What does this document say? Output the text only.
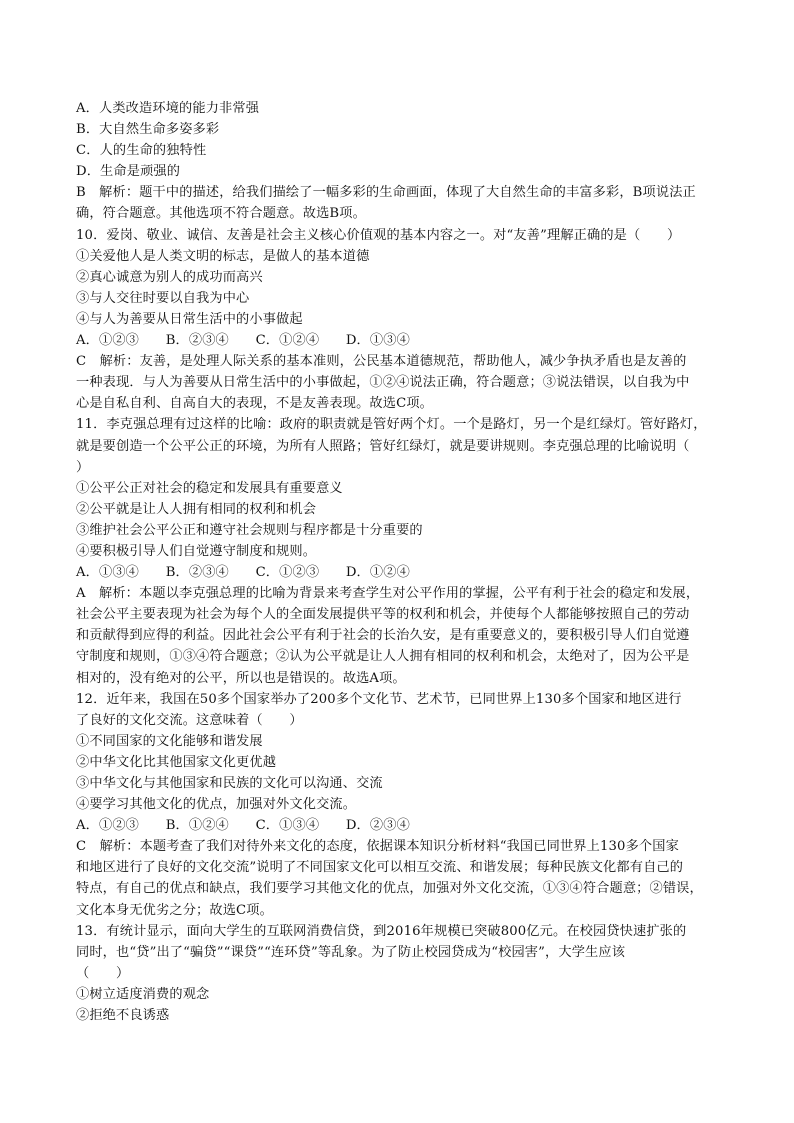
A．人类改造环境的能力非常强
B．大自然生命多姿多彩
C．人的生命的独特性
D．生命是顽强的
B　解析：题干中的描述，给我们描绘了一幅多彩的生命画面，体现了大自然生命的丰富多彩，B项说法正
确，符合题意。其他选项不符合题意。故选B项。
10．爱岗、敬业、诚信、友善是社会主义核心价值观的基本内容之一。对“友善”理解正确的是（　　）
①关爱他人是人类文明的标志，是做人的基本道德
②真心诚意为别人的成功而高兴
③与人交往时要以自我为中心
④与人为善要从日常生活中的小事做起
A．①②③　　B．②③④　　C．①②④　　D．①③④
C　解析：友善，是处理人际关系的基本准则，公民基本道德规范，帮助他人，减少争执矛盾也是友善的
一种表现．与人为善要从日常生活中的小事做起，①②④说法正确，符合题意；③说法错误，以自我为中
心是自私自利、自高自大的表现，不是友善表现。故选C项。
11．李克强总理有过这样的比喻：政府的职责就是管好两个灯。一个是路灯，另一个是红绿灯。管好路灯，
就是要创造一个公平公正的环境，为所有人照路；管好红绿灯，就是要讲规则。李克强总理的比喻说明（
）
①公平公正对社会的稳定和发展具有重要意义
②公平就是让人人拥有相同的权利和机会
③维护社会公平公正和遵守社会规则与程序都是十分重要的
④要积极引导人们自觉遵守制度和规则。
A．①③④　　B．②③④　　C．①②③　　D．①②④
A　解析：本题以李克强总理的比喻为背景来考查学生对公平作用的掌握，公平有利于社会的稳定和发展，
社会公平主要表现为社会为每个人的全面发展提供平等的权利和机会，并使每个人都能够按照自己的劳动
和贡献得到应得的利益。因此社会公平有利于社会的长治久安，是有重要意义的，要积极引导人们自觉遵
守制度和规则，①③④符合题意；②认为公平就是让人人拥有相同的权利和机会，太绝对了，因为公平是
相对的，没有绝对的公平，所以也是错误的。故选A项。
12．近年来，我国在50多个国家举办了200多个文化节、艺术节，已同世界上130多个国家和地区进行
了良好的文化交流。这意味着（　　）
①不同国家的文化能够和谐发展
②中华文化比其他国家文化更优越
③中华文化与其他国家和民族的文化可以沟通、交流
④要学习其他文化的优点，加强对外文化交流。
A．①②③　　B．①②④　　C．①③④　　D．②③④
C　解析：本题考查了我们对待外来文化的态度，依据课本知识分析材料“我国已同世界上130多个国家
和地区进行了良好的文化交流”说明了不同国家文化可以相互交流、和谐发展；每种民族文化都有自己的
特点，有自己的优点和缺点，我们要学习其他文化的优点，加强对外文化交流，①③④符合题意；②错误，
文化本身无优劣之分；故选C项。
13．有统计显示，面向大学生的互联网消费信贷，到2016年规模已突破800亿元。在校园贷快速扩张的
同时，也“贷”出了“骗贷”“课贷”“连环贷”等乱象。为了防止校园贷成为“校园害”，大学生应该
（　　）
①树立适度消费的观念
②拒绝不良诱惑
